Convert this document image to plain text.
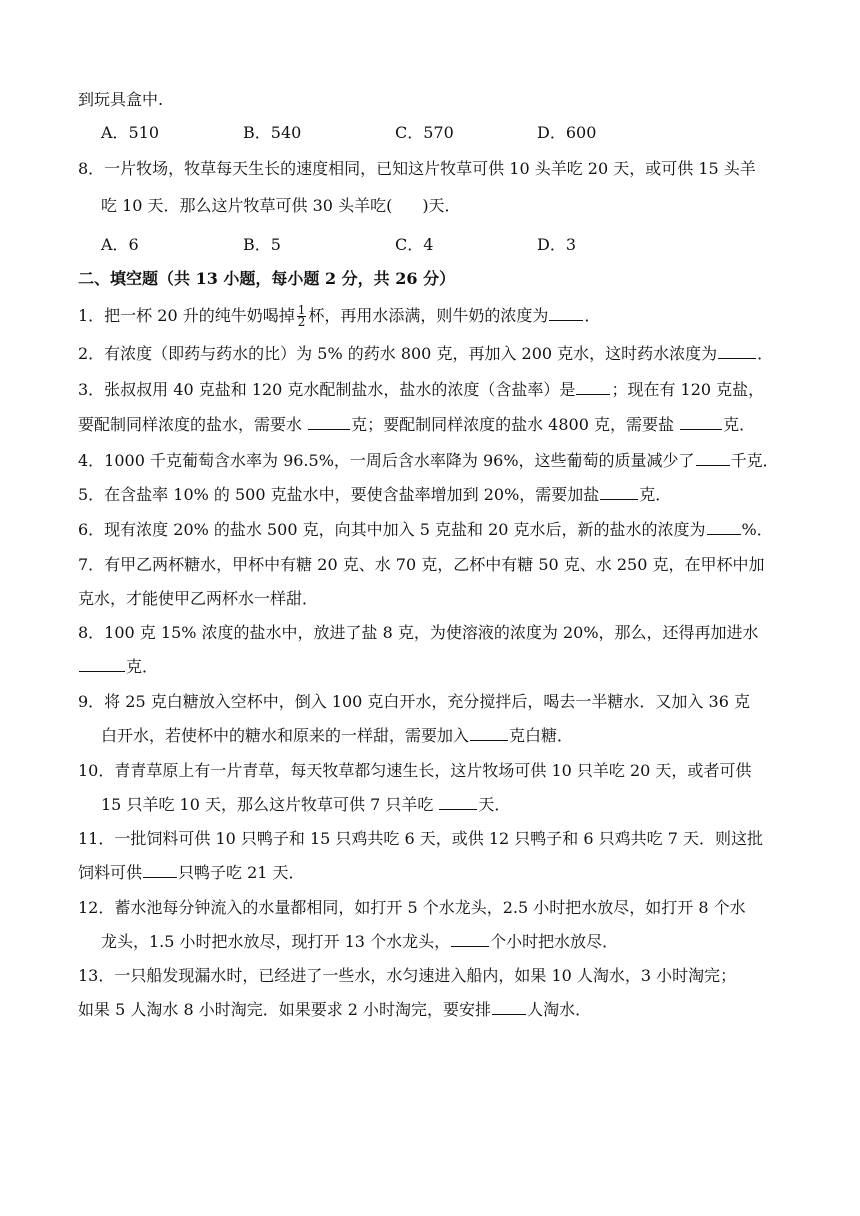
到玩具盒中.
A．510	B．540	C．570	D．600
8．一片牧场，牧草每天生长的速度相同，已知这片牧草可供 10 头羊吃 20 天，或可供 15 头羊
吃 10 天．那么这片牧草可供 30 头羊吃( )天．
A．6	B．5	C．4	D．3
二、填空题（共 13 小题，每小题 2 分，共 26 分）
1．把一杯 20 升的纯牛奶喝掉 $\frac{1}{2}$ 杯，再用水添满，则牛奶的浓度为 ．
2．有浓度（即药与药水的比）为 5% 的药水 800 克，再加入 200 克水，这时药水浓度为	．
3．张叔叔用 40 克盐和 120 克水配制盐水，盐水的浓度（含盐率）是 ；现在有 120 克盐，
要配制同样浓度的盐水，需要水	克；要配制同样浓度的盐水 4800 克，需要盐	克．
4．1000 千克葡萄含水率为 96.5%，一周后含水率降为 96%，这些葡萄的质量减少了 千克．
5．在含盐率 10% 的 500 克盐水中，要使含盐率增加到 20%，需要加盐	克．
6．现有浓度 20% 的盐水 500 克，向其中加入 5 克盐和 20 克水后，新的盐水的浓度为 %．
7．有甲乙两杯糖水，甲杯中有糖 20 克、水 70 克，乙杯中有糖 50 克、水 250 克，在甲杯中加
克水，才能使甲乙两杯水一样甜．
8．100 克 15% 浓度的盐水中，放进了盐 8 克，为使溶液的浓度为 20%，那么，还得再加进水
克．
9．将 25 克白糖放入空杯中，倒入 100 克白开水，充分搅拌后，喝去一半糖水．又加入 36 克
白开水，若使杯中的糖水和原来的一样甜，需要加入	克白糖．
10．青青草原上有一片青草，每天牧草都匀速生长，这片牧场可供 10 只羊吃 20 天，或者可供
15 只羊吃 10 天，那么这片牧草可供 7 只羊吃	天．
11．一批饲料可供 10 只鸭子和 15 只鸡共吃 6 天，或供 12 只鸭子和 6 只鸡共吃 7 天．则这批
饲料可供 只鸭子吃 21 天．
12．蓄水池每分钟流入的水量都相同，如打开 5 个水龙头，2.5 小时把水放尽，如打开 8 个水
龙头，1.5 小时把水放尽，现打开 13 个水龙头，	个小时把水放尽．
13．一只船发现漏水时，已经进了一些水，水匀速进入船内，如果 10 人淘水，3 小时淘完；
如果 5 人淘水 8 小时淘完．如果要求 2 小时淘完，要安排 人淘水．
